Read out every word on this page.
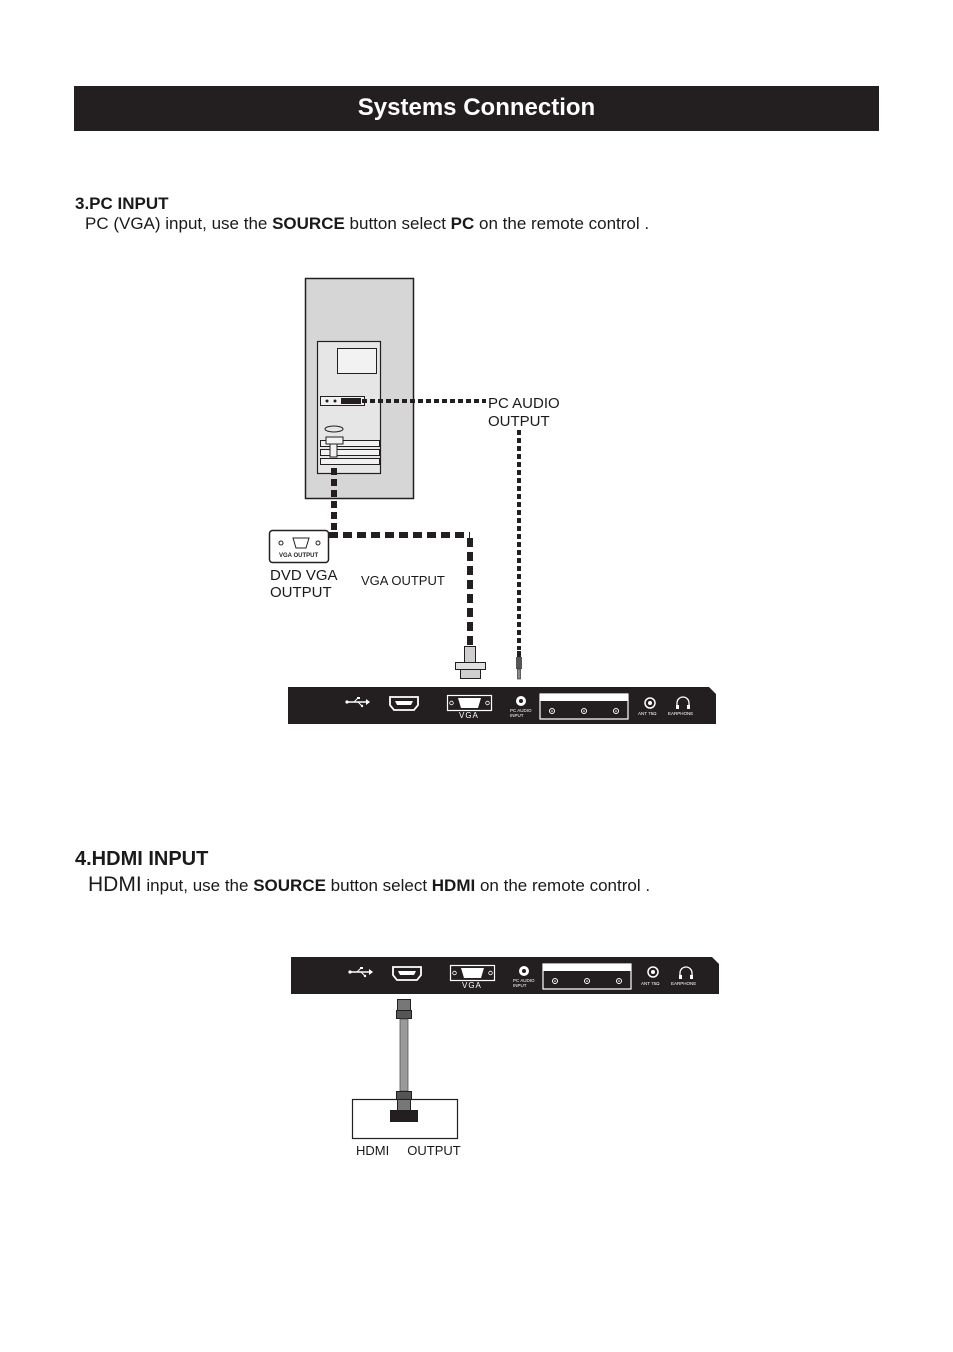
Systems Connection
3.PC INPUT
PC (VGA) input, use the SOURCE button select PC on the remote control .
VGA OUTPUT
VGA
PC AUDIO
INPUT	ANT 75Ω	EARPHONE
VGA
PC AUDIO
INPUT	ANT 75Ω	EARPHONE
PC AUDIO
OUTPUT
DVD VGA
OUTPUT
VGA OUTPUT
4.HDMI INPUT
HDMI input, use the SOURCE button select HDMI on the remote control .
HDMI     OUTPUT
